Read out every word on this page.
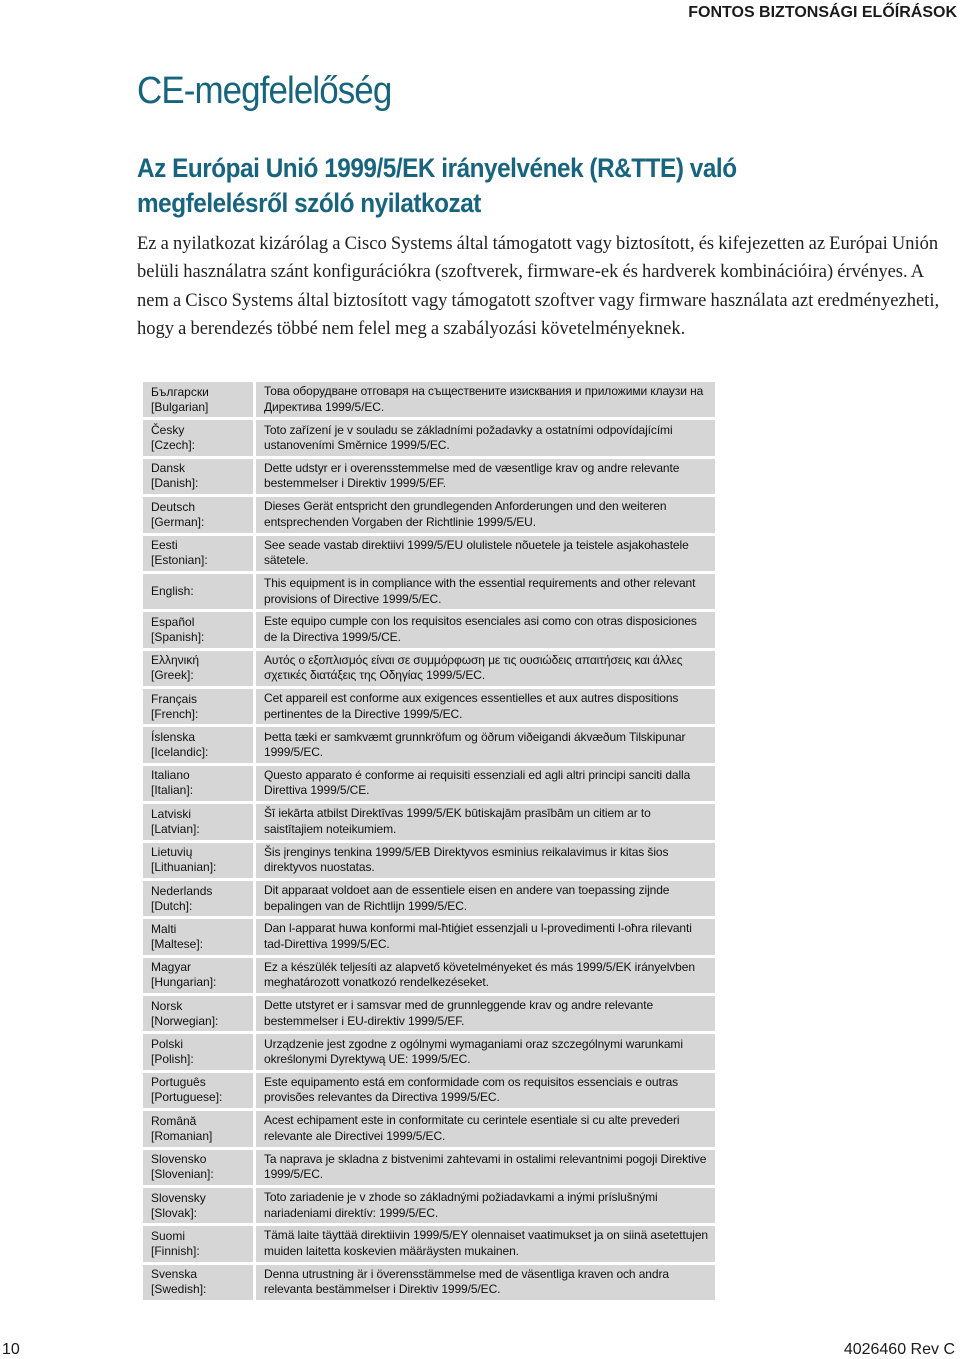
FONTOS BIZTONSÁGI ELŐÍRÁSOK
CE-megfelelőség
Az Európai Unió 1999/5/EK irányelvének (R&TTE) való megfelelésről szóló nyilatkozat

Ez a nyilatkozat kizárólag a Cisco Systems által támogatott vagy biztosított, és kifejezetten az Európai Unión belüli használatra szánt konfigurációkra (szoftverek, firmware-ek és hardverek kombinációira) érvényes. A nem a Cisco Systems által biztosított vagy támogatott szoftver vagy firmware használata azt eredményezheti, hogy a berendezés többé nem felel meg a szabályozási követelményeknek.

Български
[Bulgarian]	Това оборудване отговаря на съществените изисквания и приложими клаузи на Директива 1999/5/ЕС.
Česky
[Czech]:	Toto zařízení je v souladu se základními požadavky a ostatními odpovídajícími ustanoveními Směrnice 1999/5/EC.
Dansk
[Danish]:	Dette udstyr er i overensstemmelse med de væsentlige krav og andre relevante bestemmelser i Direktiv 1999/5/EF.
Deutsch
[German]:	Dieses Gerät entspricht den grundlegenden Anforderungen und den weiteren entsprechenden Vorgaben der Richtlinie 1999/5/EU.
Eesti
[Estonian]:	See seade vastab direktiivi 1999/5/EU olulistele nõuetele ja teistele asjakohastele sätetele.
English:	This equipment is in compliance with the essential requirements and other relevant provisions of Directive 1999/5/EC.
Español
[Spanish]:	Este equipo cumple con los requisitos esenciales asi como con otras disposiciones de la Directiva 1999/5/CE.
Ελληνική
[Greek]:	Αυτός ο εξοπλισμός είναι σε συμμόρφωση με τις ουσιώδεις απαιτήσεις και άλλες σχετικές διατάξεις της Οδηγίας 1999/5/EC.
Français
[French]:	Cet appareil est conforme aux exigences essentielles et aux autres dispositions pertinentes de la Directive 1999/5/EC.
Íslenska
[Icelandic]:	Þetta tæki er samkvæmt grunnkröfum og öðrum viðeigandi ákvæðum Tilskipunar 1999/5/EC.
Italiano
[Italian]:	Questo apparato é conforme ai requisiti essenziali ed agli altri principi sanciti dalla Direttiva 1999/5/CE.
Latviski
[Latvian]:	Šī iekārta atbilst Direktīvas 1999/5/EK būtiskajām prasībām un citiem ar to saistītajiem noteikumiem.
Lietuvių
[Lithuanian]:	Šis įrenginys tenkina 1999/5/EB Direktyvos esminius reikalavimus ir kitas šios direktyvos nuostatas.
Nederlands
[Dutch]:	Dit apparaat voldoet aan de essentiele eisen en andere van toepassing zijnde bepalingen van de Richtlijn 1999/5/EC.
Malti
[Maltese]:	Dan l-apparat huwa konformi mal-ħtiġiet essenzjali u l-provedimenti l-oħra rilevanti tad-Direttiva 1999/5/EC.
Magyar
[Hungarian]:	Ez a készülék teljesíti az alapvető követelményeket és más 1999/5/EK irányelvben meghatározott vonatkozó rendelkezéseket.
Norsk
[Norwegian]:	Dette utstyret er i samsvar med de grunnleggende krav og andre relevante bestemmelser i EU-direktiv 1999/5/EF.
Polski
[Polish]:	Urządzenie jest zgodne z ogólnymi wymaganiami oraz szczególnymi warunkami określonymi Dyrektywą UE: 1999/5/EC.
Português
[Portuguese]:	Este equipamento está em conformidade com os requisitos essenciais e outras provisões relevantes da Directiva 1999/5/EC.
Română
[Romanian]	Acest echipament este in conformitate cu cerintele esentiale si cu alte prevederi relevante ale Directivei 1999/5/EC.
Slovensko
[Slovenian]:	Ta naprava je skladna z bistvenimi zahtevami in ostalimi relevantnimi pogoji Direktive 1999/5/EC.
Slovensky
[Slovak]:	Toto zariadenie je v zhode so základnými požiadavkami a inými príslušnými nariadeniami direktív: 1999/5/EC.
Suomi
[Finnish]:	Tämä laite täyttää direktiivin 1999/5/EY olennaiset vaatimukset ja on siinä asetettujen muiden laitetta koskevien määräysten mukainen.
Svenska
[Swedish]:	Denna utrustning är i överensstämmelse med de väsentliga kraven och andra relevanta bestämmelser i Direktiv 1999/5/EC.
10	4026460 Rev C
